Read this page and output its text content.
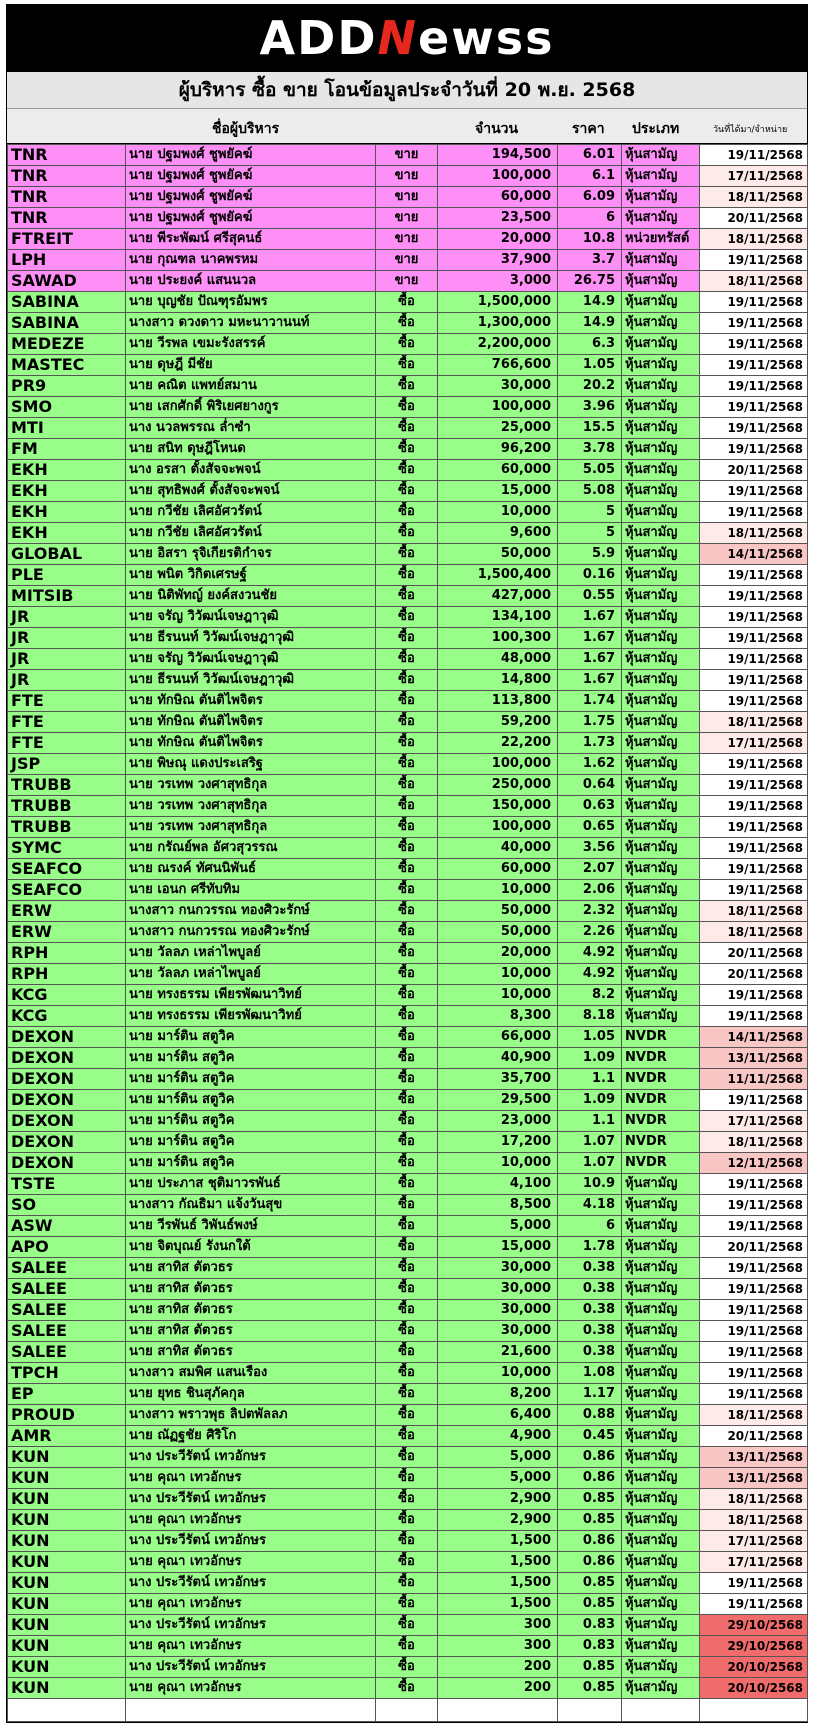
ADDNewss
ผู้บริหาร ซื้อ ขาย โอนข้อมูลประจำวันที่ 20 พ.ย. 2568
ชื่อผู้บริหาร	จำนวน	ราคา ประเภท	วันที่ได้มา/จำหน่าย
TNR	นาย ปฐมพงศ์ ชูพยัคฆ์	ขาย	194,500	6.01	หุ้นสามัญ	19/11/2568
TNR	นาย ปฐมพงศ์ ชูพยัคฆ์	ขาย	100,000	6.1	หุ้นสามัญ	17/11/2568
TNR	นาย ปฐมพงศ์ ชูพยัคฆ์	ขาย	60,000	6.09	หุ้นสามัญ	18/11/2568
TNR	นาย ปฐมพงศ์ ชูพยัคฆ์	ขาย	23,500	6	หุ้นสามัญ	20/11/2568
FTREIT	นาย พีระพัฒน์ ศรีสุคนธ์	ขาย	20,000	10.8	หน่วยทรัสต์	18/11/2568
LPH	นาย กุณฑล นาคพรหม	ขาย	37,900	3.7	หุ้นสามัญ	19/11/2568
SAWAD	นาย ประยงค์ แสนนวล	ขาย	3,000	26.75	หุ้นสามัญ	18/11/2568
SABINA	นาย บุญชัย ปัณฑุรอัมพร	ซื้อ	1,500,000	14.9	หุ้นสามัญ	19/11/2568
SABINA	นางสาว ดวงดาว มหะนาวานนท์	ซื้อ	1,300,000	14.9	หุ้นสามัญ	19/11/2568
MEDEZE	นาย วีรพล เขมะรังสรรค์	ซื้อ	2,200,000	6.3	หุ้นสามัญ	19/11/2568
MASTEC	นาย ดุษฎี มีชัย	ซื้อ	766,600	1.05	หุ้นสามัญ	19/11/2568
PR9	นาย คณิต แพทย์สมาน	ซื้อ	30,000	20.2	หุ้นสามัญ	19/11/2568
SMO	นาย เสกศักดิ์ พิริเยศยางกูร	ซื้อ	100,000	3.96	หุ้นสามัญ	19/11/2568
MTI	นาง นวลพรรณ ล่ำซำ	ซื้อ	25,000	15.5	หุ้นสามัญ	19/11/2568
FM	นาย สนิท ดุษฎีโหนด	ซื้อ	96,200	3.78	หุ้นสามัญ	19/11/2568
EKH	นาง อรสา ตั้งสัจจะพจน์	ซื้อ	60,000	5.05	หุ้นสามัญ	20/11/2568
EKH	นาย สุทธิพงศ์ ตั้งสัจจะพจน์	ซื้อ	15,000	5.08	หุ้นสามัญ	19/11/2568
EKH	นาย กวีชัย เลิศอัศวรัตน์	ซื้อ	10,000	5	หุ้นสามัญ	19/11/2568
EKH	นาย กวีชัย เลิศอัศวรัตน์	ซื้อ	9,600	5	หุ้นสามัญ	18/11/2568
GLOBAL	นาย อิสรา รุจิเกียรติกำจร	ซื้อ	50,000	5.9	หุ้นสามัญ	14/11/2568
PLE	นาย พนิต วิกิตเศรษฐ์	ซื้อ	1,500,400	0.16	หุ้นสามัญ	19/11/2568
MITSIB	นาย นิติพัทญ์ ยงค์สงวนชัย	ซื้อ	427,000	0.55	หุ้นสามัญ	19/11/2568
JR	นาย จรัญ วิวัฒน์เจษฎาวุฒิ	ซื้อ	134,100	1.67	หุ้นสามัญ	19/11/2568
JR	นาย ธีรนนท์ วิวัฒน์เจษฎาวุฒิ	ซื้อ	100,300	1.67	หุ้นสามัญ	19/11/2568
JR	นาย จรัญ วิวัฒน์เจษฎาวุฒิ	ซื้อ	48,000	1.67	หุ้นสามัญ	19/11/2568
JR	นาย ธีรนนท์ วิวัฒน์เจษฎาวุฒิ	ซื้อ	14,800	1.67	หุ้นสามัญ	19/11/2568
FTE	นาย ทักษิณ ตันติไพจิตร	ซื้อ	113,800	1.74	หุ้นสามัญ	19/11/2568
FTE	นาย ทักษิณ ตันติไพจิตร	ซื้อ	59,200	1.75	หุ้นสามัญ	18/11/2568
FTE	นาย ทักษิณ ตันติไพจิตร	ซื้อ	22,200	1.73	หุ้นสามัญ	17/11/2568
JSP	นาย พิษณุ แดงประเสริฐ	ซื้อ	100,000	1.62	หุ้นสามัญ	19/11/2568
TRUBB	นาย วรเทพ วงศาสุทธิกุล	ซื้อ	250,000	0.64	หุ้นสามัญ	19/11/2568
TRUBB	นาย วรเทพ วงศาสุทธิกุล	ซื้อ	150,000	0.63	หุ้นสามัญ	19/11/2568
TRUBB	นาย วรเทพ วงศาสุทธิกุล	ซื้อ	100,000	0.65	หุ้นสามัญ	19/11/2568
SYMC	นาย กรัณย์พล อัศวสุวรรณ	ซื้อ	40,000	3.56	หุ้นสามัญ	19/11/2568
SEAFCO	นาย ณรงค์ ทัศนนิพันธ์	ซื้อ	60,000	2.07	หุ้นสามัญ	19/11/2568
SEAFCO	นาย เอนก ศรีทับทิม	ซื้อ	10,000	2.06	หุ้นสามัญ	19/11/2568
ERW	นางสาว กนกวรรณ ทองศิวะรักษ์	ซื้อ	50,000	2.32	หุ้นสามัญ	18/11/2568
ERW	นางสาว กนกวรรณ ทองศิวะรักษ์	ซื้อ	50,000	2.26	หุ้นสามัญ	18/11/2568
RPH	นาย วัลลภ เหล่าไพบูลย์	ซื้อ	20,000	4.92	หุ้นสามัญ	20/11/2568
RPH	นาย วัลลภ เหล่าไพบูลย์	ซื้อ	10,000	4.92	หุ้นสามัญ	20/11/2568
KCG	นาย ทรงธรรม เพียรพัฒนาวิทย์	ซื้อ	10,000	8.2	หุ้นสามัญ	19/11/2568
KCG	นาย ทรงธรรม เพียรพัฒนาวิทย์	ซื้อ	8,300	8.18	หุ้นสามัญ	19/11/2568
DEXON	นาย มาร์ติน สตูวิค	ซื้อ	66,000	1.05	NVDR	14/11/2568
DEXON	นาย มาร์ติน สตูวิค	ซื้อ	40,900	1.09	NVDR	13/11/2568
DEXON	นาย มาร์ติน สตูวิค	ซื้อ	35,700	1.1	NVDR	11/11/2568
DEXON	นาย มาร์ติน สตูวิค	ซื้อ	29,500	1.09	NVDR	19/11/2568
DEXON	นาย มาร์ติน สตูวิค	ซื้อ	23,000	1.1	NVDR	17/11/2568
DEXON	นาย มาร์ติน สตูวิค	ซื้อ	17,200	1.07	NVDR	18/11/2568
DEXON	นาย มาร์ติน สตูวิค	ซื้อ	10,000	1.07	NVDR	12/11/2568
TSTE	นาย ประภาส ชุติมาวรพันธ์	ซื้อ	4,100	10.9	หุ้นสามัญ	19/11/2568
SO	นางสาว กัณธิมา แจ้งวันสุข	ซื้อ	8,500	4.18	หุ้นสามัญ	19/11/2568
ASW	นาย วีรพันธ์ วิพันธ์พงษ์	ซื้อ	5,000	6	หุ้นสามัญ	19/11/2568
APO	นาย จิตบุณย์ รังนกใต้	ซื้อ	15,000	1.78	หุ้นสามัญ	20/11/2568
SALEE	นาย สาทิส ตัตวธร	ซื้อ	30,000	0.38	หุ้นสามัญ	19/11/2568
SALEE	นาย สาทิส ตัตวธร	ซื้อ	30,000	0.38	หุ้นสามัญ	19/11/2568
SALEE	นาย สาทิส ตัตวธร	ซื้อ	30,000	0.38	หุ้นสามัญ	19/11/2568
SALEE	นาย สาทิส ตัตวธร	ซื้อ	30,000	0.38	หุ้นสามัญ	19/11/2568
SALEE	นาย สาทิส ตัตวธร	ซื้อ	21,600	0.38	หุ้นสามัญ	19/11/2568
TPCH	นางสาว สมพิศ แสนเรือง	ซื้อ	10,000	1.08	หุ้นสามัญ	19/11/2568
EP	นาย ยุทธ ชินสุภัคกุล	ซื้อ	8,200	1.17	หุ้นสามัญ	19/11/2568
PROUD	นางสาว พราวพุธ ลิปตพัลลภ	ซื้อ	6,400	0.88	หุ้นสามัญ	18/11/2568
AMR	นาย ณัฏฐชัย ศิริโก	ซื้อ	4,900	0.45	หุ้นสามัญ	20/11/2568
KUN	นาง ประวีรัตน์ เทวอักษร	ซื้อ	5,000	0.86	หุ้นสามัญ	13/11/2568
KUN	นาย คุณา เทวอักษร	ซื้อ	5,000	0.86	หุ้นสามัญ	13/11/2568
KUN	นาง ประวีรัตน์ เทวอักษร	ซื้อ	2,900	0.85	หุ้นสามัญ	18/11/2568
KUN	นาย คุณา เทวอักษร	ซื้อ	2,900	0.85	หุ้นสามัญ	18/11/2568
KUN	นาง ประวีรัตน์ เทวอักษร	ซื้อ	1,500	0.86	หุ้นสามัญ	17/11/2568
KUN	นาย คุณา เทวอักษร	ซื้อ	1,500	0.86	หุ้นสามัญ	17/11/2568
KUN	นาง ประวีรัตน์ เทวอักษร	ซื้อ	1,500	0.85	หุ้นสามัญ	19/11/2568
KUN	นาย คุณา เทวอักษร	ซื้อ	1,500	0.85	หุ้นสามัญ	19/11/2568
KUN	นาง ประวีรัตน์ เทวอักษร	ซื้อ	300	0.83	หุ้นสามัญ	29/10/2568
KUN	นาย คุณา เทวอักษร	ซื้อ	300	0.83	หุ้นสามัญ	29/10/2568
KUN	นาง ประวีรัตน์ เทวอักษร	ซื้อ	200	0.85	หุ้นสามัญ	20/10/2568
KUN	นาย คุณา เทวอักษร	ซื้อ	200	0.85	หุ้นสามัญ	20/10/2568
